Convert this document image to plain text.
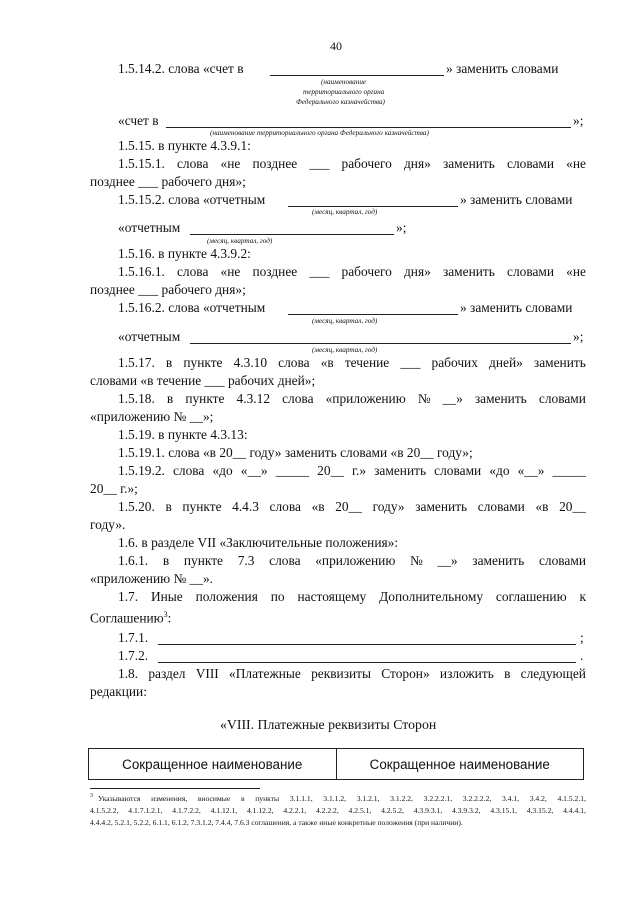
40
1.5.14.2. слова «счет в	» заменить словами
(наименование
территориального органа
Федерального казначейства)
«счет в	»;
(наименование территориального органа Федерального казначейства)
1.5.15. в пункте 4.3.9.1:
1.5.15.1. слова «не позднее ___ рабочего дня» заменить словами «не
позднее ___ рабочего дня»;
1.5.15.2. слова «отчетным	» заменить словами
(месяц, квартал, год)
«отчетным	»;
(месяц, квартал, год)
1.5.16. в пункте 4.3.9.2:
1.5.16.1. слова «не позднее ___ рабочего дня» заменить словами «не
позднее ___ рабочего дня»;
1.5.16.2. слова «отчетным	» заменить словами
(месяц, квартал, год)
«отчетным	»;
(месяц, квартал, год)
1.5.17. в пункте 4.3.10 слова «в течение ___ рабочих дней» заменить
словами «в течение ___ рабочих дней»;
1.5.18. в пункте 4.3.12 слова «приложению № __» заменить словами
«приложению № __»;
1.5.19. в пункте 4.3.13:
1.5.19.1. слова «в 20__ году» заменить словами «в 20__ году»;
1.5.19.2. слова «до «__» _____ 20__ г.» заменить словами «до «__» _____
20__ г.»;
1.5.20. в пункте 4.4.3 слова «в 20__ году» заменить словами «в 20__
году».
1.6. в разделе VII «Заключительные положения»:
1.6.1. в пункте 7.3 слова «приложению № __» заменить словами
«приложению № __».
1.7. Иные положения по настоящему Дополнительному соглашению к
Соглашению$^3$:
1.7.1.	;
1.7.2.	.
1.8. раздел VIII «Платежные реквизиты Сторон» изложить в следующей
редакции:
«VIII. Платежные реквизиты Сторон
Сокращенное наименование	Сокращенное наименование
3 Указываются изменения, вносимые в пункты 3.1.1.1, 3.1.1.2, 3.1.2.1, 3.1.2.2, 3.2.2.2.1, 3.2.2.2.2, 3.4.1, 3.4.2, 4.1.5.2.1,
4.1.5.2.2, 4.1.7.1.2.1, 4.1.7.2.2, 4.1.12.1, 4.1.12.2, 4.2.2.1, 4.2.2.2, 4.2.5.1, 4.2.5.2, 4.3.9.3.1, 4.3.9.3.2, 4.3.15.1, 4.3.15.2, 4.4.4.1,
4.4.4.2, 5.2.1, 5.2.2, 6.1.1, 6.1.2, 7.3.1.2, 7.4.4, 7.6.3 соглашения, а также иные конкретные положения (при наличии).
